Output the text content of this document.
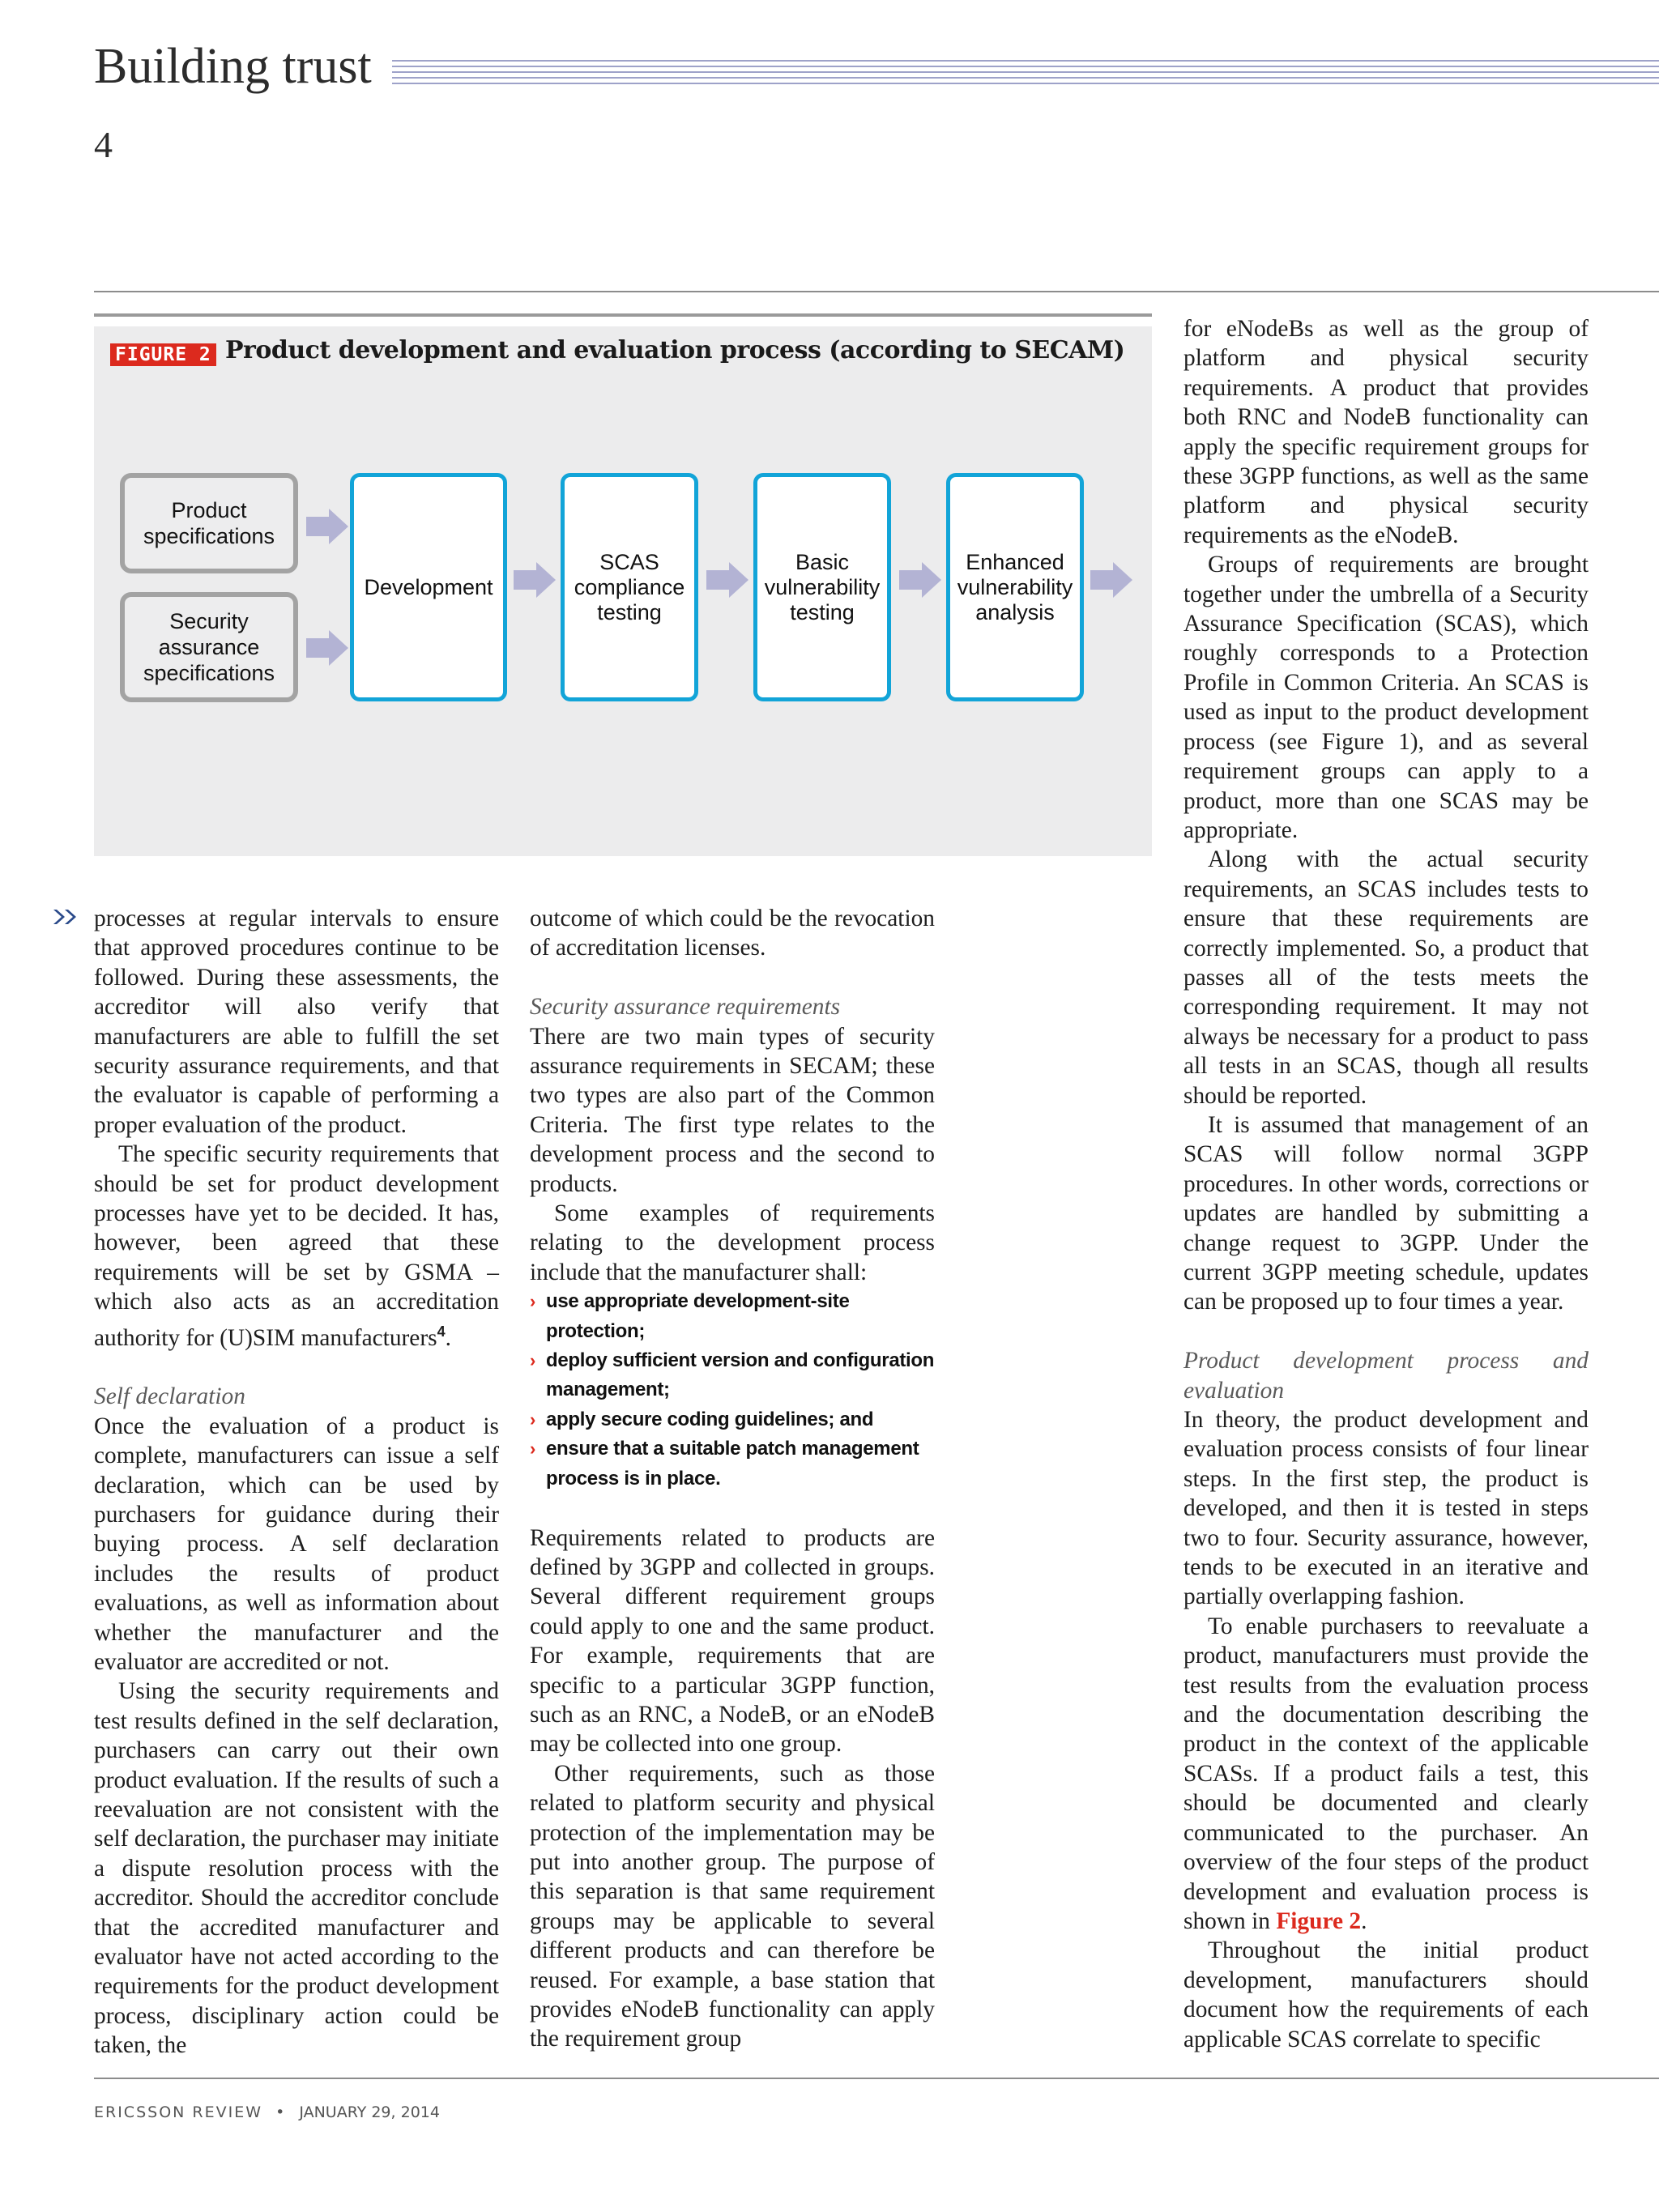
Building trust
4
FIGURE 2 Product development and evaluation process (according to SECAM)
Product
specifications
Security
assurance
specifications
Development
SCAS
compliance
testing
Basic
vulnerability
testing
Enhanced
vulnerability
analysis

processes at regular intervals to ensure that approved procedures continue to be followed. During these assessments, the accreditor will also verify that manufacturers are able to fulfill the set security assurance requirements, and that the evaluator is capable of performing a proper evaluation of the product.

The specific security requirements that should be set for product development processes have yet to be decided. It has, however, been agreed that these requirements will be set by GSMA – which also acts as an accreditation authority for (U)SIM manufacturers$^4$.

Self declaration

Once the evaluation of a product is complete, manufacturers can issue a self declaration, which can be used by purchasers for guidance during their buying process. A self declaration includes the results of product evaluations, as well as information about whether the manufacturer and the evaluator are accredited or not.

Using the security requirements and test results defined in the self declaration, purchasers can carry out their own product evaluation. If the results of such a reevaluation are not consistent with the self declaration, the purchaser may initiate a dispute resolution process with the accreditor. Should the accreditor conclude that the accredited manufacturer and evaluator have not acted according to the requirements for the product development process, disciplinary action could be taken, the

outcome of which could be the revocation of accreditation licenses.

Security assurance requirements

There are two main types of security assurance requirements in SECAM; these two types are also part of the Common Criteria. The first type relates to the development process and the second to products.

Some examples of requirements relating to the development process include that the manufacturer shall:

› use appropriate development-site protection;
› deploy sufficient version and configuration management;
› apply secure coding guidelines; and
› ensure that a suitable patch management process is in place.

Requirements related to products are defined by 3GPP and collected in groups. Several different requirement groups could apply to one and the same product. For example, requirements that are specific to a particular 3GPP function, such as an RNC, a NodeB, or an eNodeB may be collected into one group.

Other requirements, such as those related to platform security and physical protection of the implementation may be put into another group. The purpose of this separation is that same requirement groups may be applicable to several different products and can therefore be reused. For example, a base station that provides eNodeB functionality can apply the requirement group

for eNodeBs as well as the group of platform and physical security requirements. A product that provides both RNC and NodeB functionality can apply the specific requirement groups for these 3GPP functions, as well as the same platform and physical security requirements as the eNodeB.

Groups of requirements are brought together under the umbrella of a Security Assurance Specification (SCAS), which roughly corresponds to a Protection Profile in Common Criteria. An SCAS is used as input to the product development process (see Figure 1), and as several requirement groups can apply to a product, more than one SCAS may be appropriate.

Along with the actual security requirements, an SCAS includes tests to ensure that these requirements are correctly implemented. So, a product that passes all of the tests meets the corresponding requirement. It may not always be necessary for a product to pass all tests in an SCAS, though all results should be reported.

It is assumed that management of an SCAS will follow normal 3GPP procedures. In other words, corrections or updates are handled by submitting a change request to 3GPP. Under the current 3GPP meeting schedule, updates can be proposed up to four times a year.

Product development process and evaluation

In theory, the product development and evaluation process consists of four linear steps. In the first step, the product is developed, and then it is tested in steps two to four. Security assurance, however, tends to be executed in an iterative and partially overlapping fashion.

To enable purchasers to reevaluate a product, manufacturers must provide the test results from the evaluation process and the documentation describing the product in the context of the applicable SCASs. If a product fails a test, this should be documented and clearly communicated to the purchaser. An overview of the four steps of the product development and evaluation process is shown in Figure 2.

Throughout the initial product development, manufacturers should document how the requirements of each applicable SCAS correlate to specific

ERICSSON REVIEW • JANUARY 29, 2014
